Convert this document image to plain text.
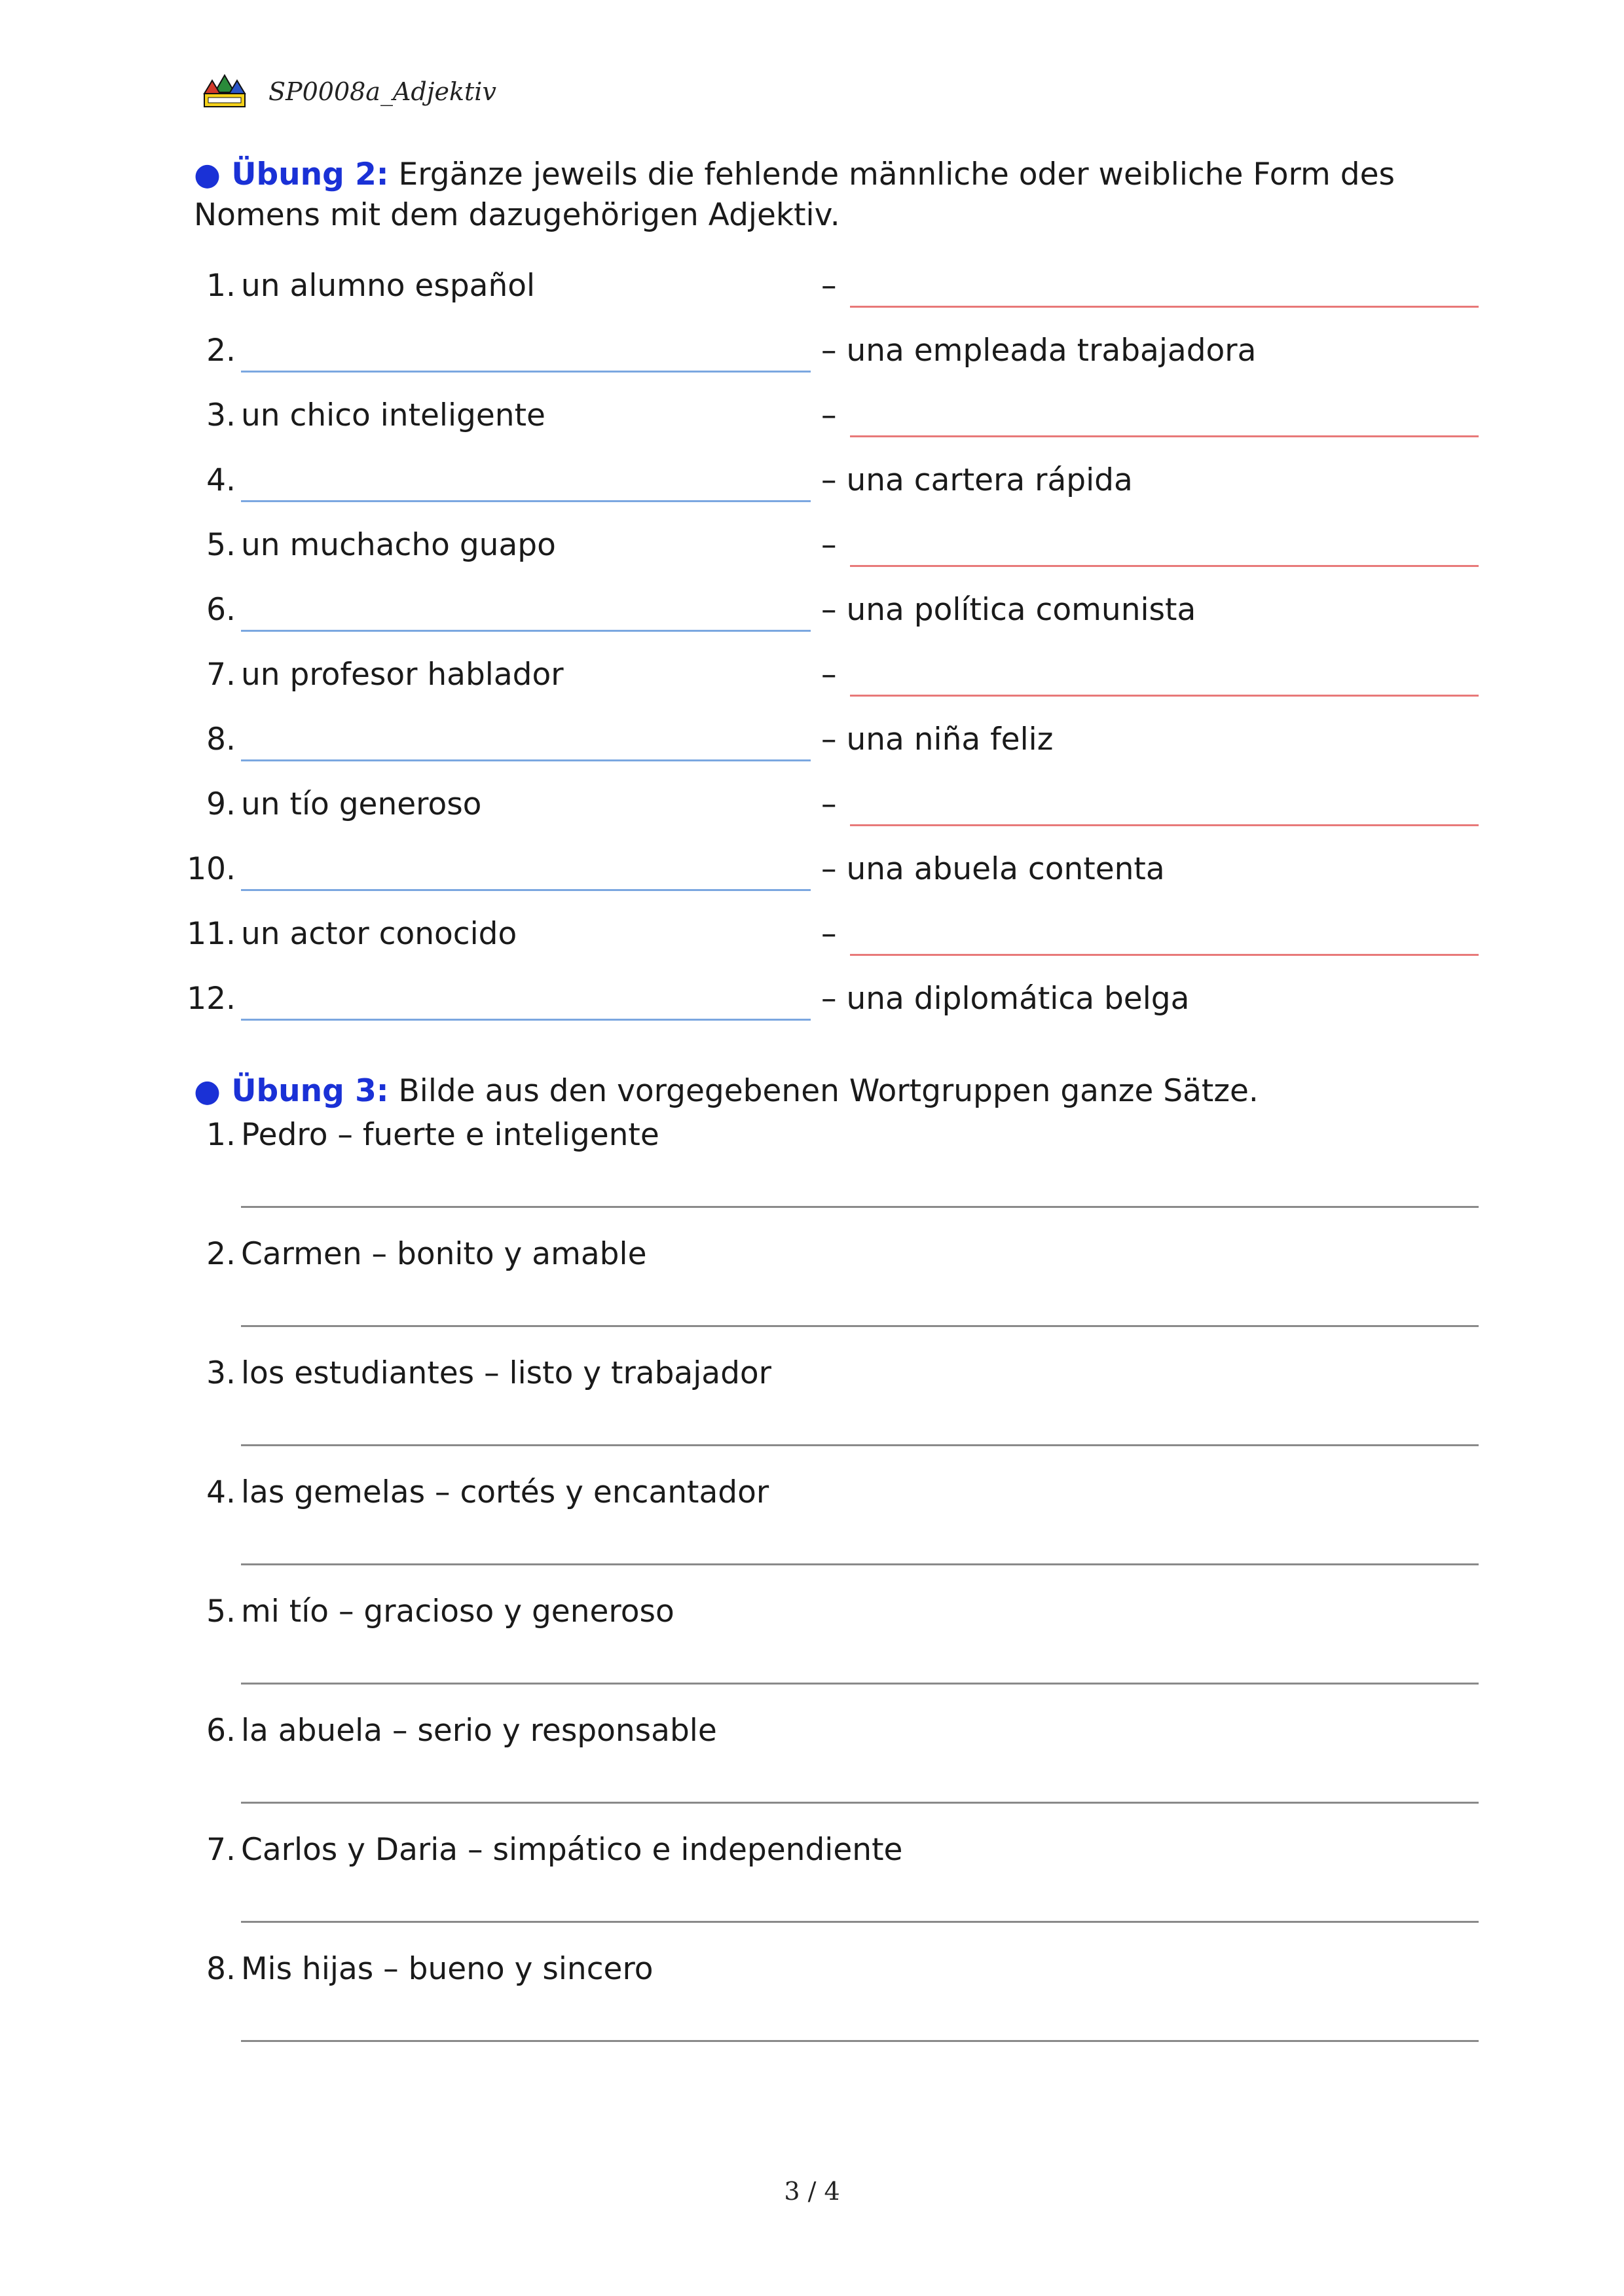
SP0008a_Adjektiv
● Übung 2: Ergänze jeweils die fehlende männliche oder weibliche Form des Nomens mit dem dazugehörigen Adjektiv.
1. un alumno español	–
2.	– una empleada trabajadora
3. un chico inteligente	–
4.	– una cartera rápida
5. un muchacho guapo	–
6.	– una política comunista
7. un profesor hablador	–
8.	– una niña feliz
9. un tío generoso	–
10.	– una abuela contenta
11. un actor conocido	–
12.	– una diplomática belga
● Übung 3: Bilde aus den vorgegebenen Wortgruppen ganze Sätze.
1. Pedro – fuerte e inteligente
2. Carmen – bonito y amable
3. los estudiantes – listo y trabajador
4. las gemelas – cortés y encantador
5. mi tío – gracioso y generoso
6. la abuela – serio y responsable
7. Carlos y Daria – simpático e independiente
8. Mis hijas – bueno y sincero
3 / 4
